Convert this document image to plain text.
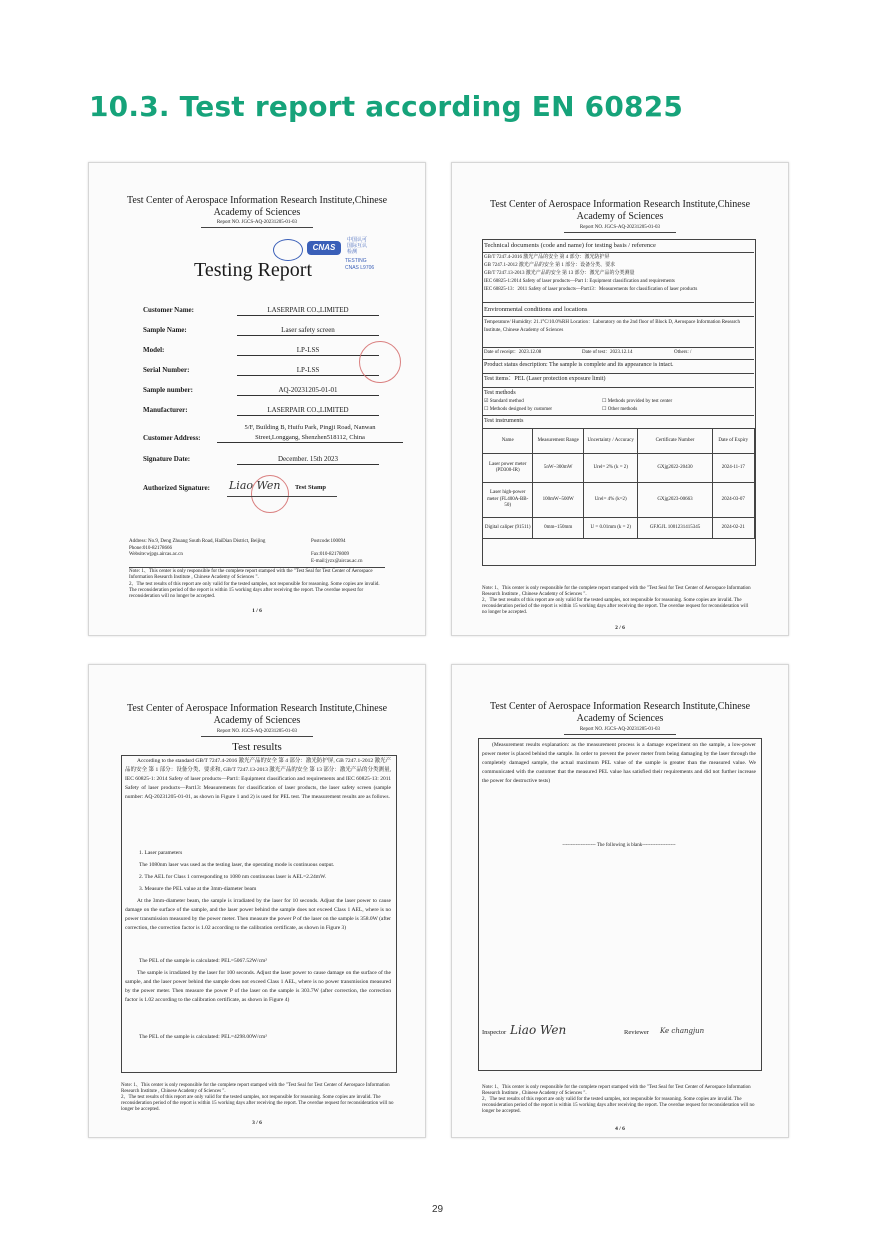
10.3. Test report according EN 60825
Test Center of Aerospace Information Research Institute,Chinese
Academy of Sciences
Report NO. JGCS-AQ-20231205-01-03
CNAS
中国认可
国际互认
检测
TESTING
CNAS L9706
Testing Report
Customer Name:	LASERPAIR CO.,LIMITED
Sample Name:	Laser safety screen
Model:	LP-LSS
Serial Number:	LP-LSS
Sample number:	AQ-20231205-01-01
Manufacturer:	LASERPAIR CO.,LIMITED
5/F, Building B, Huifu Park, Pingji Road, Nanwan
Street,Longgang, Shenzhen518112, China
Customer Address:
Signature Date:	December. 15th 2023
Authorized Signature: Liao Wen Test Stamp
Address: No.9, Deng Zhuang South Road, HaiDian District, Beijing
Phone:010-82178666
Website:wjpgs.aircas.ac.cn
Postcode:100094
Fax:010-82178009
E-mail:jyzx@aircas.ac.cn
Note: 1、This center is only responsible for the complete report stamped with the "Test Seal for Test Center of Aerospace Information Research Institute , Chinese Academy of Sciences ".
2、The test results of this report are only valid for the tested samples, not responsible for reasoning. Some copies are invalid. The reconsideration period of the report is within 15 working days after receiving the report. The overdue request for reconsideration will no longer be accepted.
1 / 6
Test Center of Aerospace Information Research Institute,Chinese
Academy of Sciences
Report NO. JGCS-AQ-20231205-01-03
Technical documents (code and name) for testing basis / reference
GB/T 7247.4-2016 激光产品的安全 第 4 部分：激光防护屏
GB 7247.1-2012 激光产品的安全 第 1 部分：设备分类、要求
GB/T 7247.13-2013 激光产品的安全 第 13 部分：激光产品的分类测量
IEC 60825-1:2014 Safety of laser products—Part 1: Equipment classification and requirements
IEC 60825-13：2011 Safety of laser products—Part13：Measurements for classification of laser products
Environmental conditions and locations
Temperature/ Humidity: 21.1°C/10.0%RH Location：Laboratory on the 2nd floor of Block D, Aerospace Information Research Institute, Chinese Academy of Sciences
Date of receipt：2023.12.08	Date of test：2023.12.14	Others: /
Product status description: The sample is complete and its appearance is intact.
Test items：PEL (Laser protection exposure limit)
Test methods
☑ Standard method	☐ Methods provided by test center
☐ Methods designed by customer	☐ Other methods
Test instruments
Name	Measurement Range	Uncertainty / Accuracy	Certificate Number	Date of Expiry
Laser power meter (PD300-IR)	5nW~300mW	Urel= 2% (k = 2)	GXjg2022-20430	2024-11-17
Laser high-power meter (FL400A-BB-50)	100mW~500W	Urel= 4% (k=2)	GXjg2023-00663	2024-03-07
Digital caliper (91511)	0mm~150mm	U = 0.01mm (k = 2)	GFJGJL 1001231415345	2024-02-21
Note: 1、This center is only responsible for the complete report stamped with the "Test Seal for Test Center of Aerospace Information Research Institute , Chinese Academy of Sciences ".
2、The test results of this report are only valid for the tested samples, not responsible for reasoning. Some copies are invalid. The reconsideration period of the report is within 15 working days after receiving the report. The overdue request for reconsideration will no longer be accepted.
2 / 6
Test Center of Aerospace Information Research Institute,Chinese
Academy of Sciences
Report NO. JGCS-AQ-20231205-01-03
Test results
According to the standard GB/T 7247.4-2016 激光产品的安全 第 4 部分：激光防护屏, GB 7247.1-2012 激光产品的安全 第 1 部分：设备分类、要求和, GB/T 7247.13-2013 激光产品的安全 第 13 部分：激光产品的分类测量, IEC 60825-1: 2014 Safety of laser products—Part1: Equipment classification and requirements and IEC 60825-13: 2011 Safety of laser products—Part13: Measurements for classification of laser products, the laser safety screen (sample number: AQ-20231205-01-01, as shown in Figure 1 and 2) is used for PEL test. The measurement results are as follows.
1. Laser parameters
The 1080nm laser was used as the testing laser, the operating mode is continuous output.
2. The AEL for Class 1 corresponding to 1080 nm continuous laser is AEL=2.24mW.
3. Measure the PEL value at the 3mm-diameter beam
At the 3mm-diameter beam, the sample is irradiated by the laser for 10 seconds. Adjust the laser power to cause damage on the surface of the sample, and the laser power behind the sample does not exceed Class 1 AEL, where is no power transmission measured by the power meter. Then measure the power P of the laser on the sample is 358.0W (after correction, the correction factor is 1.02 according to the calibration certificate, as shown in Figure 3)
The PEL of the sample is calculated: PEL=5067.52W/cm²
The sample is irradiated by the laser for 100 seconds. Adjust the laser power to cause damage on the surface of the sample, and the laser power behind the sample does not exceed Class 1 AEL, where is no power transmission measured by the power meter. Then measure the power P of the laser on the sample is 303.7W (after correction, the correction factor is 1.02 according to the calibration certificate, as shown in Figure 4)
The PEL of the sample is calculated: PEL=4298.00W/cm²
Note: 1、This center is only responsible for the complete report stamped with the "Test Seal for Test Center of Aerospace Information Research Institute , Chinese Academy of Sciences ".
2、The test results of this report are only valid for the tested samples, not responsible for reasoning. Some copies are invalid. The reconsideration period of the report is within 15 working days after receiving the report. The overdue request for reconsideration will no longer be accepted.
3 / 6
Test Center of Aerospace Information Research Institute,Chinese
Academy of Sciences
Report NO. JGCS-AQ-20231205-01-03
(Measurement results explanation: as the measurement process is a damage experiment on the sample, a low-power power meter is placed behind the sample. In order to prevent the power meter from being damaging by the laser through the completely damaged sample, the actual maximum PEL value of the sample is greater than the measured value. We communicated with the customer that the measured PEL value has satisfied their requirements and did not further increase the power for destructive tests)
-------------------- The following is blank--------------------
Inspector Liao Wen	Reviewer Ke changjun
Note: 1、This center is only responsible for the complete report stamped with the "Test Seal for Test Center of Aerospace Information Research Institute , Chinese Academy of Sciences ".
2、The test results of this report are only valid for the tested samples, not responsible for reasoning. Some copies are invalid. The reconsideration period of the report is within 15 working days after receiving the report. The overdue request for reconsideration will no longer be accepted.
4 / 6
29
